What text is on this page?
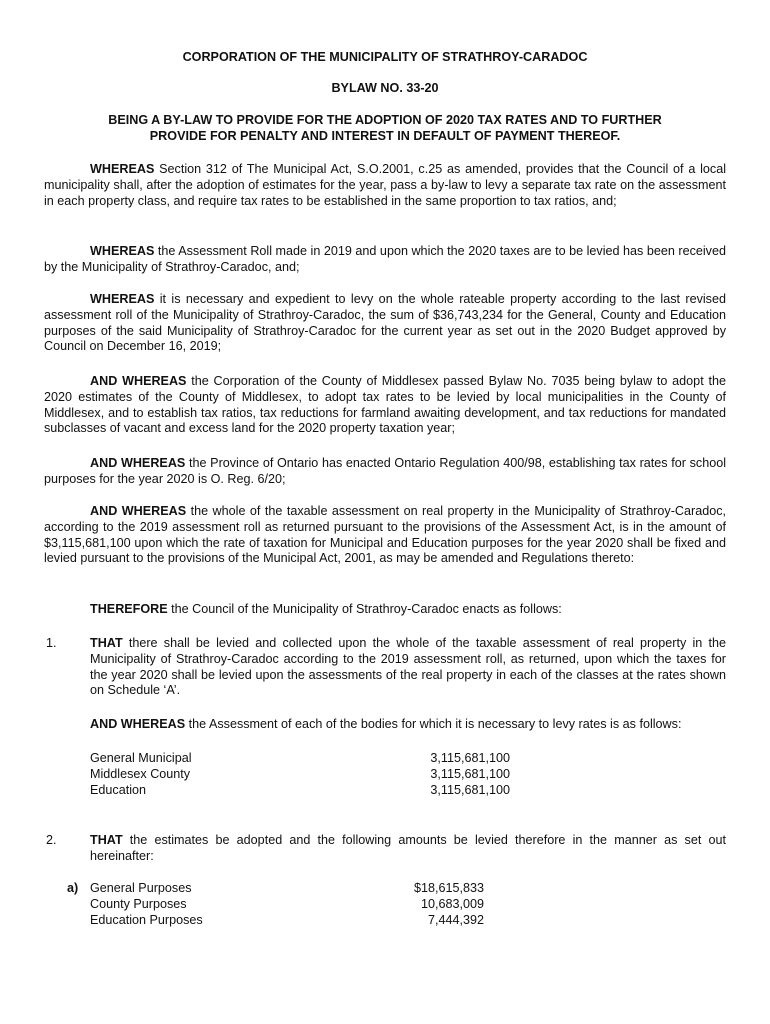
CORPORATION OF THE MUNICIPALITY OF STRATHROY-CARADOC
BYLAW NO. 33-20
BEING A BY-LAW TO PROVIDE FOR THE ADOPTION OF 2020 TAX RATES AND TO FURTHER
PROVIDE FOR PENALTY AND INTEREST IN DEFAULT OF PAYMENT THEREOF.
WHEREAS Section 312 of The Municipal Act, S.O.2001, c.25 as amended, provides that the Council of a local municipality shall, after the adoption of estimates for the year, pass a by-law to levy a separate tax rate on the assessment in each property class, and require tax rates to be established in the same proportion to tax ratios, and;
WHEREAS the Assessment Roll made in 2019 and upon which the 2020 taxes are to be levied has been received by the Municipality of Strathroy-Caradoc, and;
WHEREAS it is necessary and expedient to levy on the whole rateable property according to the last revised assessment roll of the Municipality of Strathroy-Caradoc, the sum of $36,743,234 for the General, County and Education purposes of the said Municipality of Strathroy-Caradoc for the current year as set out in the 2020 Budget approved by Council on December 16, 2019;
AND WHEREAS the Corporation of the County of Middlesex passed Bylaw No. 7035 being bylaw to adopt the 2020 estimates of the County of Middlesex, to adopt tax rates to be levied by local municipalities in the County of Middlesex, and to establish tax ratios, tax reductions for farmland awaiting development, and tax reductions for mandated subclasses of vacant and excess land for the 2020 property taxation year;
AND WHEREAS the Province of Ontario has enacted Ontario Regulation 400/98, establishing tax rates for school purposes for the year 2020 is O. Reg. 6/20;
AND WHEREAS the whole of the taxable assessment on real property in the Municipality of Strathroy-Caradoc, according to the 2019 assessment roll as returned pursuant to the provisions of the Assessment Act, is in the amount of $3,115,681,100 upon which the rate of taxation for Municipal and Education purposes for the year 2020 shall be fixed and levied pursuant to the provisions of the Municipal Act, 2001, as may be amended and Regulations thereto:
THEREFORE the Council of the Municipality of Strathroy-Caradoc enacts as follows:
1.	THAT there shall be levied and collected upon the whole of the taxable assessment of real property in the Municipality of Strathroy-Caradoc according to the 2019 assessment roll, as returned, upon which the taxes for the year 2020 shall be levied upon the assessments of the real property in each of the classes at the rates shown on Schedule ‘A’.
AND WHEREAS the Assessment of each of the bodies for which it is necessary to levy rates is as follows:
General Municipal	3,115,681,100
Middlesex County	3,115,681,100
Education	3,115,681,100
2.	THAT the estimates be adopted and the following amounts be levied therefore in the manner as set out hereinafter:
a) General Purposes	$18,615,833
County Purposes	10,683,009
Education Purposes	7,444,392
